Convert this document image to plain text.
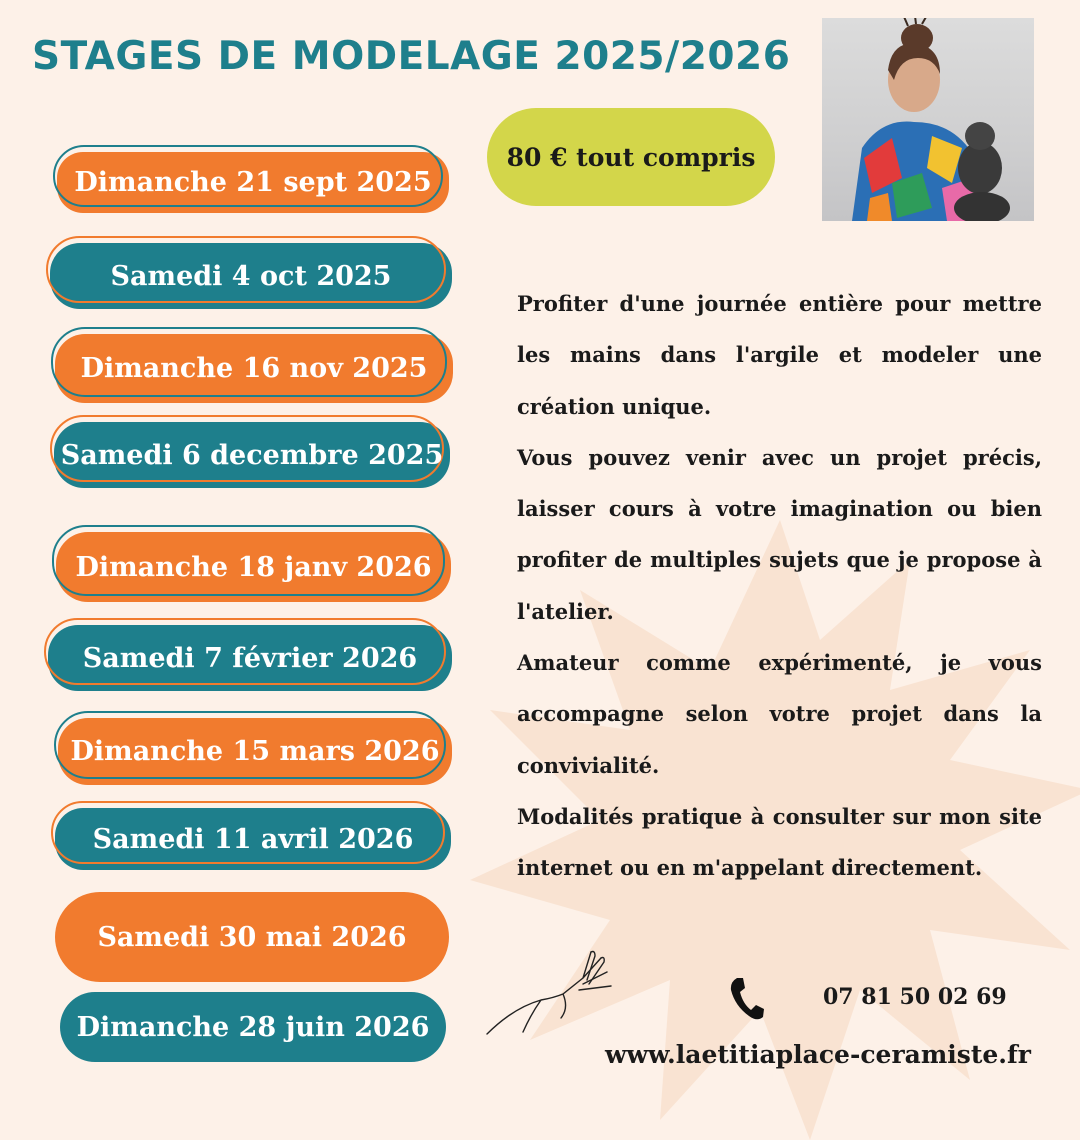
STAGES DE MODELAGE 2025/2026
80 € tout compris
Dimanche 21 sept 2025
Samedi 4 oct 2025
Dimanche 16 nov 2025
Samedi 6 decembre 2025
Dimanche 18 janv 2026
Samedi 7 février 2026
Dimanche 15 mars 2026
Samedi 11 avril 2026
Samedi 30 mai 2026
Dimanche 28 juin 2026

Profiter d'une journée entière pour mettre les mains dans l'argile et modeler une création unique.

Vous pouvez venir avec un projet précis, laisser cours à votre imagination ou bien profiter de multiples sujets que je propose à l'atelier.

Amateur comme expérimenté, je vous accompagne selon votre projet dans la convivialité.

Modalités pratique à consulter sur mon site internet ou en m'appelant directement.

07 81 50 02 69
www.laetitiaplace-ceramiste.fr
